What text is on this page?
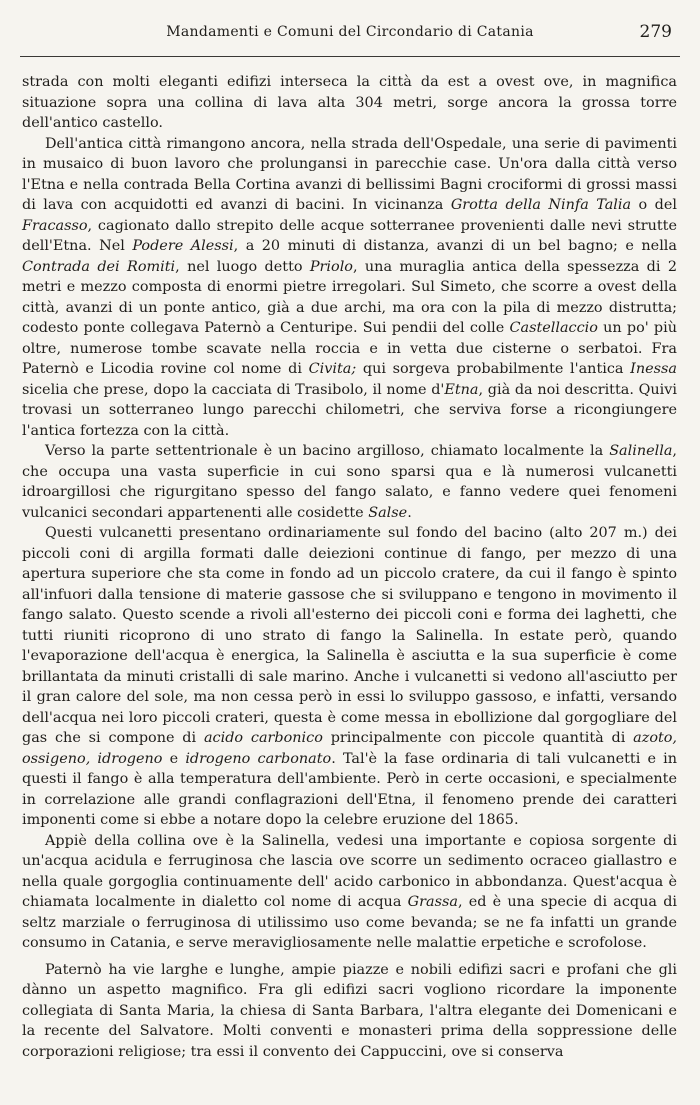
Mandamenti e Comuni del Circondario di Catania	279

strada con molti eleganti edifizi interseca la città da est a ovest ove, in magnifica situazione sopra una collina di lava alta 304 metri, sorge ancora la grossa torre dell'antico castello.

Dell'antica città rimangono ancora, nella strada dell'Ospedale, una serie di pavimenti in musaico di buon lavoro che prolungansi in parecchie case. Un'ora dalla città verso l'Etna e nella contrada Bella Cortina avanzi di bellissimi Bagni crociformi di grossi massi di lava con acquidotti ed avanzi di bacini. In vicinanza Grotta della Ninfa Talia o del Fracasso, cagionato dallo strepito delle acque sotterranee provenienti dalle nevi strutte dell'Etna. Nel Podere Alessi, a 20 minuti di distanza, avanzi di un bel bagno; e nella Contrada dei Romiti, nel luogo detto Priolo, una muraglia antica della spessezza di 2 metri e mezzo composta di enormi pietre irregolari. Sul Simeto, che scorre a ovest della città, avanzi di un ponte antico, già a due archi, ma ora con la pila di mezzo distrutta; codesto ponte collegava Paternò a Centuripe. Sui pendii del colle Castellaccio un po' più oltre, numerose tombe scavate nella roccia e in vetta due cisterne o serbatoi. Fra Paternò e Licodia rovine col nome di Civita; qui sorgeva probabilmente l'antica Inessa sicelia che prese, dopo la cacciata di Trasibolo, il nome d'Etna, già da noi descritta. Quivi trovasi un sotterraneo lungo parecchi chilometri, che serviva forse a ricongiungere l'antica fortezza con la città.

Verso la parte settentrionale è un bacino argilloso, chiamato localmente la Salinella, che occupa una vasta superficie in cui sono sparsi qua e là numerosi vulcanetti idroargillosi che rigurgitano spesso del fango salato, e fanno vedere quei fenomeni vulcanici secondari appartenenti alle cosidette Salse.

Questi vulcanetti presentano ordinariamente sul fondo del bacino (alto 207 m.) dei piccoli coni di argilla formati dalle deiezioni continue di fango, per mezzo di una apertura superiore che sta come in fondo ad un piccolo cratere, da cui il fango è spinto all'infuori dalla tensione di materie gassose che si sviluppano e tengono in movimento il fango salato. Questo scende a rivoli all'esterno dei piccoli coni e forma dei laghetti, che tutti riuniti ricoprono di uno strato di fango la Salinella. In estate però, quando l'evaporazione dell'acqua è energica, la Salinella è asciutta e la sua superficie è come brillantata da minuti cristalli di sale marino. Anche i vulcanetti si vedono all'asciutto per il gran calore del sole, ma non cessa però in essi lo sviluppo gassoso, e infatti, versando dell'acqua nei loro piccoli crateri, questa è come messa in ebollizione dal gorgogliare del gas che si compone di acido carbonico principalmente con piccole quantità di azoto, ossigeno, idrogeno e idrogeno carbonato. Tal'è la fase ordinaria di tali vulcanetti e in questi il fango è alla temperatura dell'ambiente. Però in certe occasioni, e specialmente in correlazione alle grandi conflagrazioni dell'Etna, il fenomeno prende dei caratteri imponenti come si ebbe a notare dopo la celebre eruzione del 1865.

Appiè della collina ove è la Salinella, vedesi una importante e copiosa sorgente di un'acqua acidula e ferruginosa che lascia ove scorre un sedimento ocraceo giallastro e nella quale gorgoglia continuamente dell' acido carbonico in abbondanza. Quest'acqua è chiamata localmente in dialetto col nome di acqua Grassa, ed è una specie di acqua di seltz marziale o ferruginosa di utilissimo uso come bevanda; se ne fa infatti un grande consumo in Catania, e serve meravigliosamente nelle malattie erpetiche e scrofolose.

Paternò ha vie larghe e lunghe, ampie piazze e nobili edifizi sacri e profani che gli dànno un aspetto magnifico. Fra gli edifizi sacri vogliono ricordare la imponente collegiata di Santa Maria, la chiesa di Santa Barbara, l'altra elegante dei Domenicani e la recente del Salvatore. Molti conventi e monasteri prima della soppressione delle corporazioni religiose; tra essi il convento dei Cappuccini, ove si conserva
